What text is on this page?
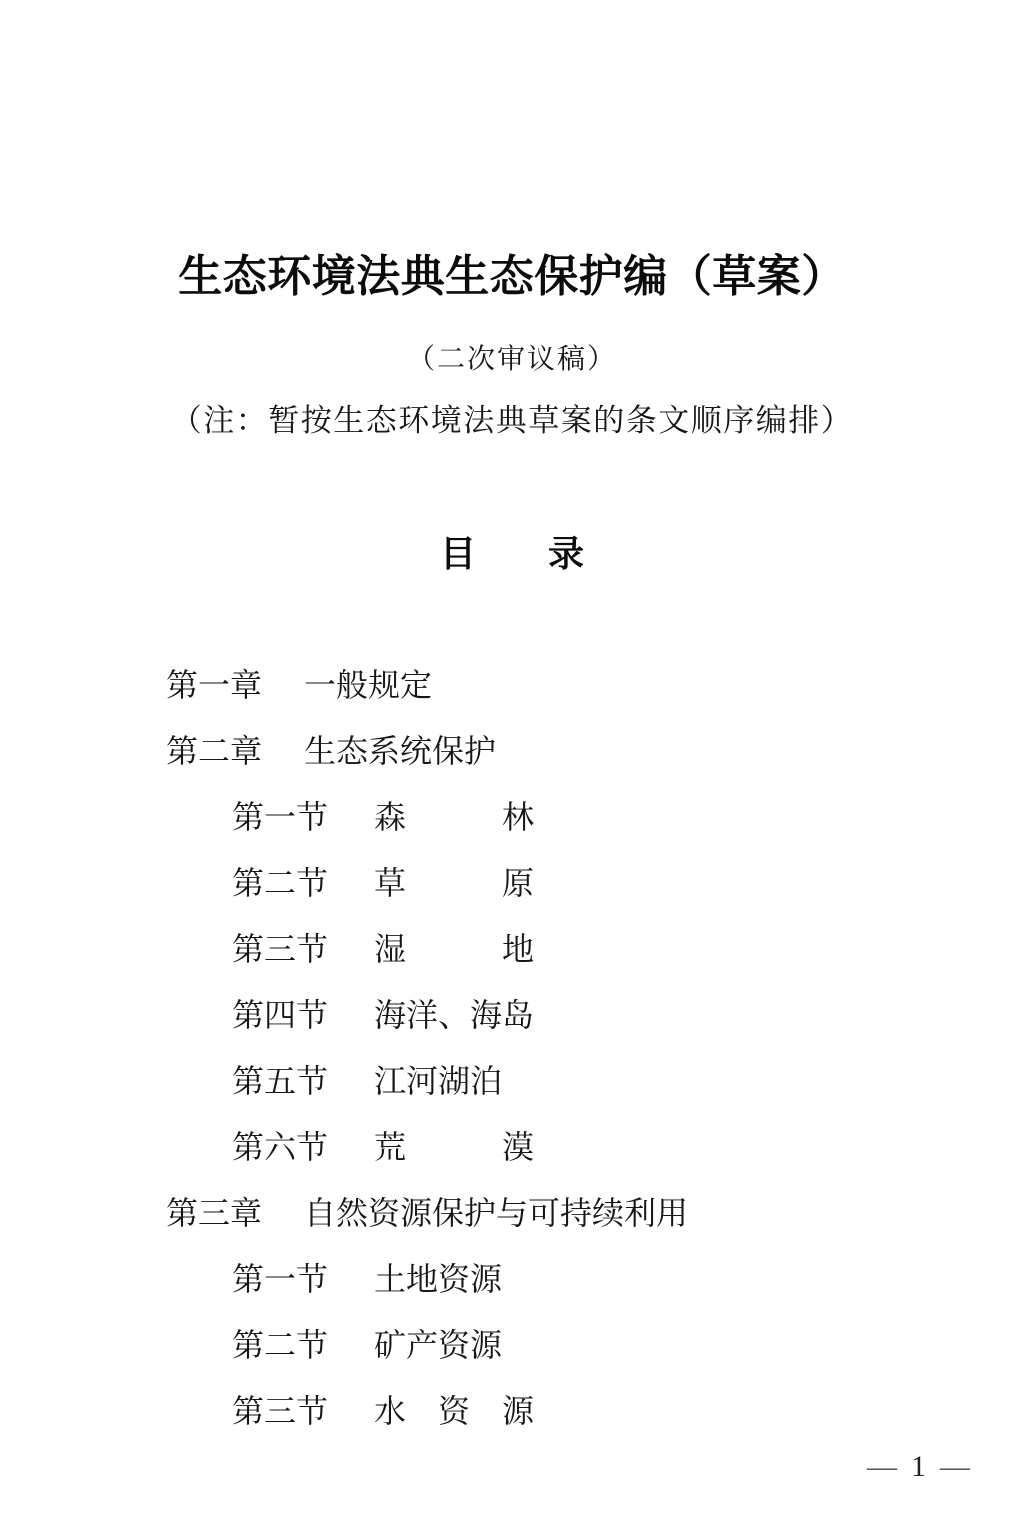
生态环境法典生态保护编（草案）

（二次审议稿）

（注：暂按生态环境法典草案的条文顺序编排）

目　　录
第一章 一般规定
第二章 生态系统保护
第一节 森　　　林
第二节 草　　　原
第三节 湿　　　地
第四节 海洋、海岛
第五节 江河湖泊
第六节 荒　　　漠
第三章 自然资源保护与可持续利用
第一节 土地资源
第二节 矿产资源
第三节 水　资　源
— 1 —
